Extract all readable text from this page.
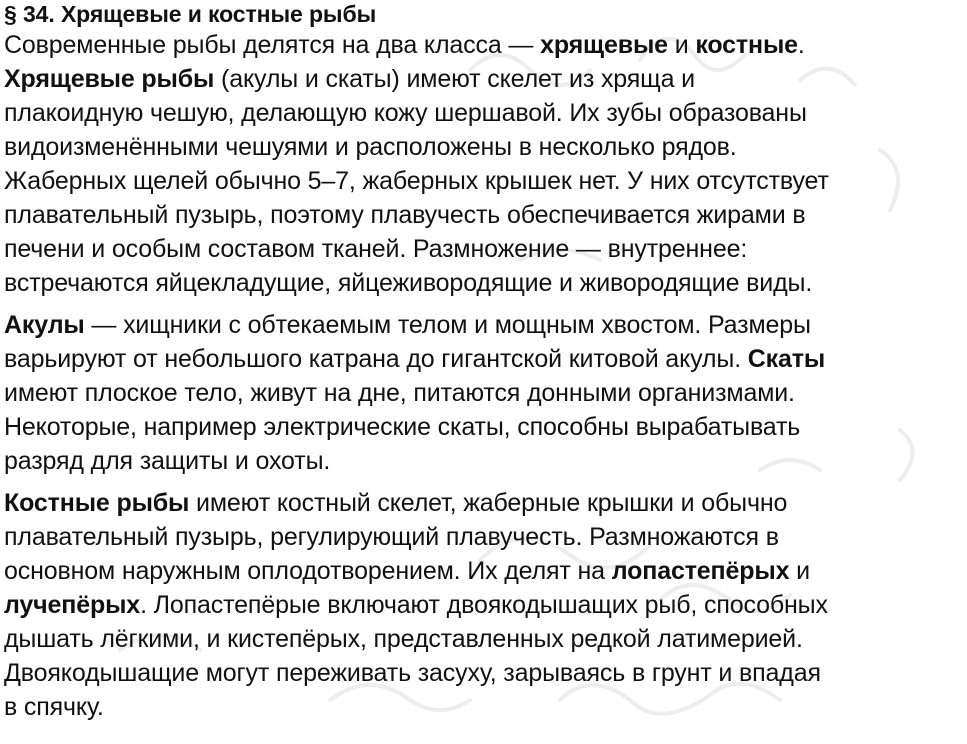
§ 34. Хрящевые и костные рыбы

Современные рыбы делятся на два класса — хрящевые и костные.
Хрящевые рыбы (акулы и скаты) имеют скелет из хряща и
плакоидную чешую, делающую кожу шершавой. Их зубы образованы
видоизменёнными чешуями и расположены в несколько рядов.
Жаберных щелей обычно 5–7, жаберных крышек нет. У них отсутствует
плавательный пузырь, поэтому плавучесть обеспечивается жирами в
печени и особым составом тканей. Размножение — внутреннее:
встречаются яйцекладущие, яйцеживородящие и живородящие виды.

Акулы — хищники с обтекаемым телом и мощным хвостом. Размеры
варьируют от небольшого катрана до гигантской китовой акулы. Скаты
имеют плоское тело, живут на дне, питаются донными организмами.
Некоторые, например электрические скаты, способны вырабатывать
разряд для защиты и охоты.

Костные рыбы имеют костный скелет, жаберные крышки и обычно
плавательный пузырь, регулирующий плавучесть. Размножаются в
основном наружным оплодотворением. Их делят на лопастепёрых и
лучепёрых. Лопастепёрые включают двоякодышащих рыб, способных
дышать лёгкими, и кистепёрых, представленных редкой латимерией.
Двоякодышащие могут переживать засуху, зарываясь в грунт и впадая
в спячку.
